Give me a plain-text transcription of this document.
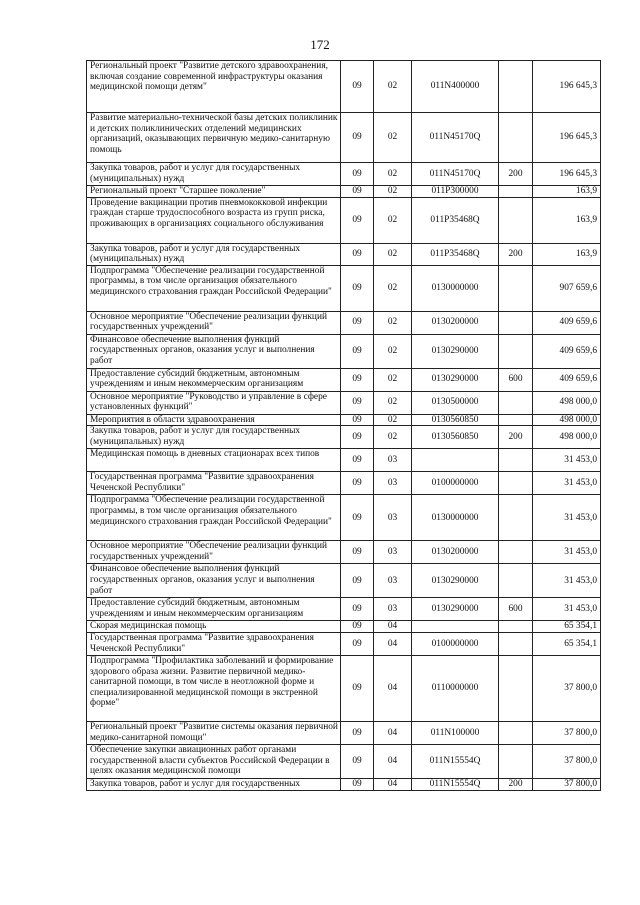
172
Региональный проект "Развитие детского здравоохранения, включая создание современной инфраструктуры оказания медицинской помощи детям"	09	02	011N400000		196 645,3
Развитие материально-технической базы детских поликлиник и детских поликлинических отделений медицинских организаций, оказывающих первичную медико-санитарную помощь	09	02	011N45170Q		196 645,3
Закупка товаров, работ и услуг для государственных (муниципальных) нужд	09	02	011N45170Q	200	196 645,3
Региональный проект "Старшее поколение"	09	02	011P300000		163,9
Проведение вакцинации против пневмококковой инфекции граждан старше трудоспособного возраста из групп риска, проживающих в организациях социального обслуживания	09	02	011P35468Q		163,9
Закупка товаров, работ и услуг для государственных (муниципальных) нужд	09	02	011P35468Q	200	163,9
Подпрограмма "Обеспечение реализации государственной программы, в том числе организация обязательного медицинского страхования граждан Российской Федерации"	09	02	0130000000		907 659,6
Основное мероприятие "Обеспечение реализации функций государственных учреждений"	09	02	0130200000		409 659,6
Финансовое обеспечение выполнения функций государственных органов, оказания услуг и выполнения работ	09	02	0130290000		409 659,6
Предоставление субсидий бюджетным, автономным учреждениям и иным некоммерческим организациям	09	02	0130290000	600	409 659,6
Основное мероприятие "Руководство и управление в сфере установленных функций"	09	02	0130500000		498 000,0
Мероприятия в области здравоохранения	09	02	0130560850		498 000,0
Закупка товаров, работ и услуг для государственных (муниципальных) нужд	09	02	0130560850	200	498 000,0
Медицинская помощь в дневных стационарах всех типов	09	03			31 453,0
Государственная программа "Развитие здравоохранения Чеченской Республики"	09	03	0100000000		31 453,0
Подпрограмма "Обеспечение реализации государственной программы, в том числе организация обязательного медицинского страхования граждан Российской Федерации"	09	03	0130000000		31 453,0
Основное мероприятие "Обеспечение реализации функций государственных учреждений"	09	03	0130200000		31 453,0
Финансовое обеспечение выполнения функций государственных органов, оказания услуг и выполнения работ	09	03	0130290000		31 453,0
Предоставление субсидий бюджетным, автономным учреждениям и иным некоммерческим организациям	09	03	0130290000	600	31 453,0
Скорая медицинская помощь	09	04			65 354,1
Государственная программа "Развитие здравоохранения Чеченской Республики"	09	04	0100000000		65 354,1
Подпрограмма "Профилактика заболеваний и формирование здорового образа жизни. Развитие первичной медико-санитарной помощи, в том числе в неотложной форме и специализированной медицинской помощи в экстренной форме"	09	04	0110000000		37 800,0
Региональный проект "Развитие системы оказания первичной медико-санитарной помощи"	09	04	011N100000		37 800,0
Обеспечение закупки авиационных работ органами государственной власти субъектов Российской Федерации в целях оказания медицинской помощи	09	04	011N15554Q		37 800,0
Закупка товаров, работ и услуг для государственных	09	04	011N15554Q	200	37 800,0
